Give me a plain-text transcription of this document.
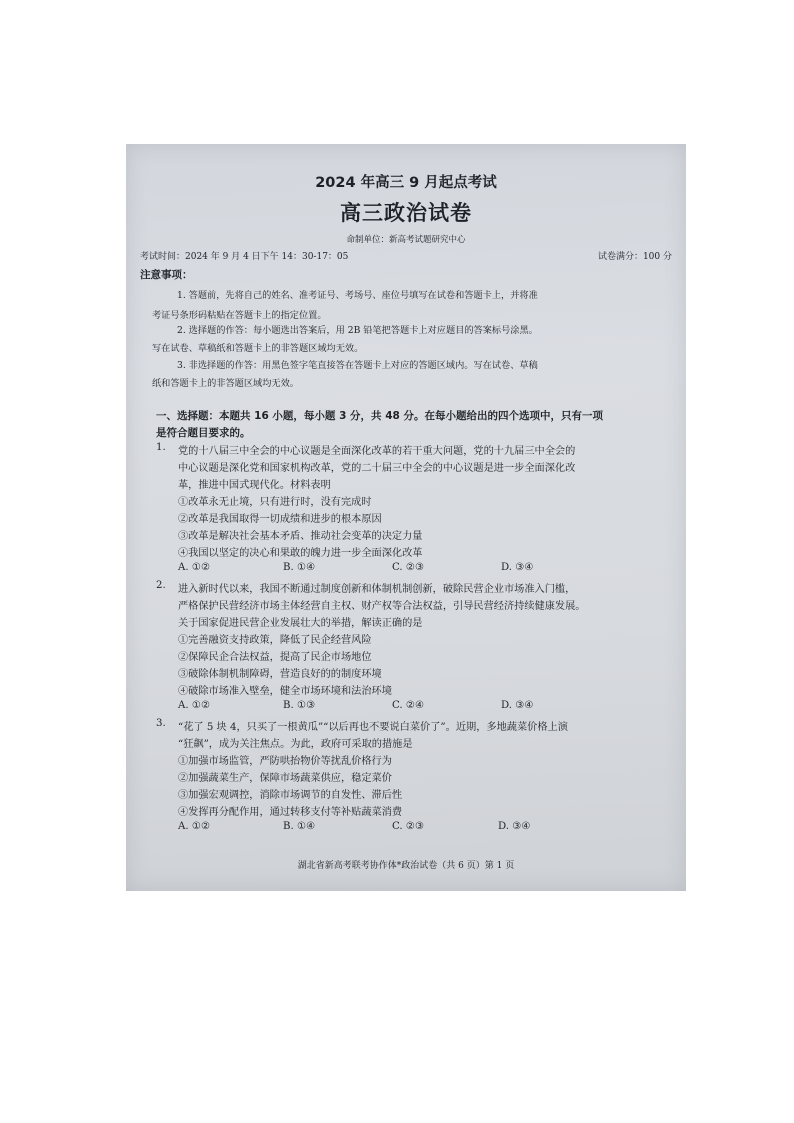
2024 年高三 9 月起点考试
高三政治试卷
命制单位：新高考试题研究中心
考试时间：2024 年 9 月 4 日下午 14：30-17：05	试卷满分：100 分
注意事项：
1. 答题前，先将自己的姓名、准考证号、考场号、座位号填写在试卷和答题卡上，并将准
考证号条形码粘贴在答题卡上的指定位置。
2. 选择题的作答：每小题选出答案后，用 2B 铅笔把答题卡上对应题目的答案标号涂黑。
写在试卷、草稿纸和答题卡上的非答题区域均无效。
3. 非选择题的作答：用黑色签字笔直接答在答题卡上对应的答题区域内。写在试卷、草稿
纸和答题卡上的非答题区域均无效。
一、选择题：本题共 16 小题，每小题 3 分，共 48 分。在每小题给出的四个选项中，只有一项
是符合题目要求的。
1. 党的十八届三中全会的中心议题是全面深化改革的若干重大问题，党的十九届三中全会的
中心议题是深化党和国家机构改革，党的二十届三中全会的中心议题是进一步全面深化改
革，推进中国式现代化。材料表明
①改革永无止境，只有进行时，没有完成时
②改革是我国取得一切成绩和进步的根本原因
③改革是解决社会基本矛盾、推动社会变革的决定力量
④我国以坚定的决心和果敢的魄力进一步全面深化改革
A. ①②	B. ①④	C. ②③	D. ③④
2. 进入新时代以来，我国不断通过制度创新和体制机制创新，破除民营企业市场准入门槛，
严格保护民营经济市场主体经营自主权、财产权等合法权益，引导民营经济持续健康发展。
关于国家促进民营企业发展壮大的举措，解读正确的是
①完善融资支持政策，降低了民企经营风险
②保障民企合法权益，提高了民企市场地位
③破除体制机制障碍，营造良好的的制度环境
④破除市场准入壁垒，健全市场环境和法治环境
A. ①②	B. ①③	C. ②④	D. ③④
3. “花了 5 块 4，只买了一根黄瓜”“以后再也不要说白菜价了”。近期，多地蔬菜价格上演
“狂飙”，成为关注焦点。为此，政府可采取的措施是
①加强市场监管，严防哄抬物价等扰乱价格行为
②加强蔬菜生产，保障市场蔬菜供应，稳定菜价
③加强宏观调控，消除市场调节的自发性、滞后性
④发挥再分配作用，通过转移支付等补贴蔬菜消费
A. ①②	B. ①④	C. ②③	D. ③④
湖北省新高考联考协作体*政治试卷（共 6 页）第 1 页
